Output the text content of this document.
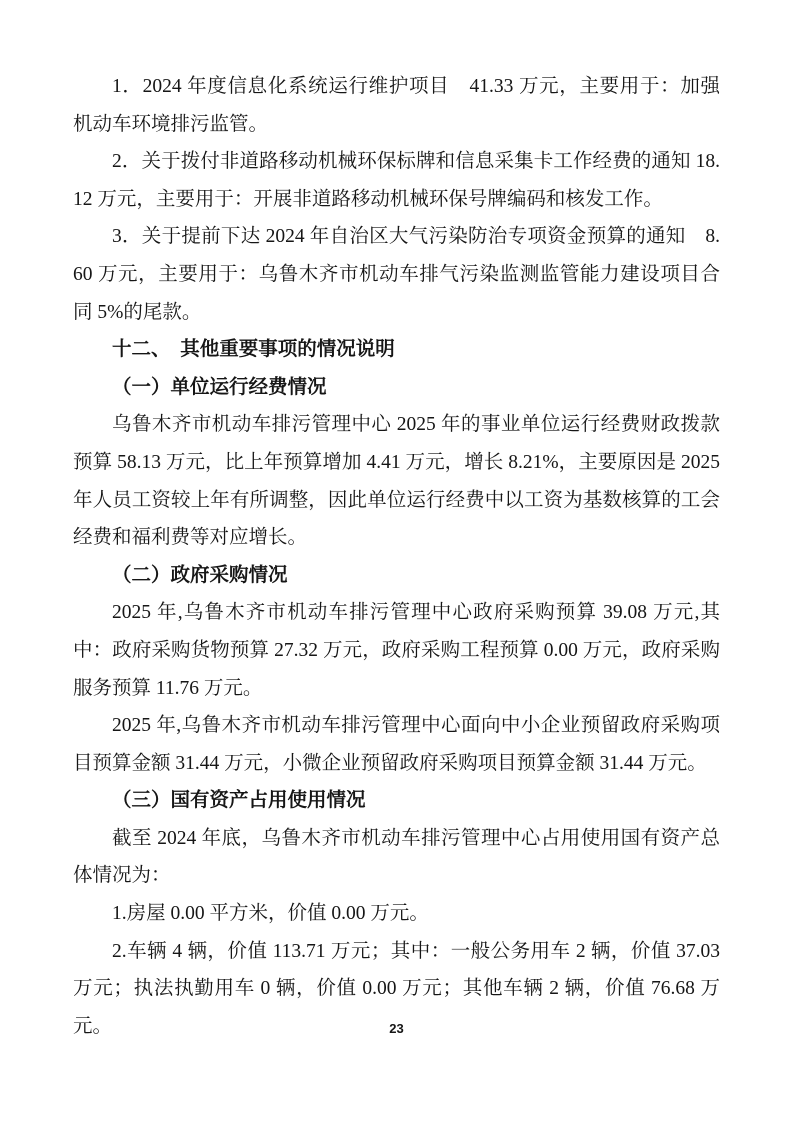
1．2024 年度信息化系统运行维护项目　41.33 万元，主要用于：加强机动车环境排污监管。

2．关于拨付非道路移动机械环保标牌和信息采集卡工作经费的通知 18.12 万元，主要用于：开展非道路移动机械环保号牌编码和核发工作。

3．关于提前下达 2024 年自治区大气污染防治专项资金预算的通知　8.60 万元，主要用于：乌鲁木齐市机动车排气污染监测监管能力建设项目合同 5%的尾款。

十二、　其他重要事项的情况说明

（一）单位运行经费情况

乌鲁木齐市机动车排污管理中心 2025 年的事业单位运行经费财政拨款预算 58.13 万元，比上年预算增加 4.41 万元，增长 8.21%，主要原因是 2025 年人员工资较上年有所调整，因此单位运行经费中以工资为基数核算的工会经费和福利费等对应增长。

（二）政府采购情况

2025 年,乌鲁木齐市机动车排污管理中心政府采购预算 39.08 万元,其中：政府采购货物预算 27.32 万元，政府采购工程预算 0.00 万元，政府采购服务预算 11.76 万元。

2025 年,乌鲁木齐市机动车排污管理中心面向中小企业预留政府采购项目预算金额 31.44 万元，小微企业预留政府采购项目预算金额 31.44 万元。

（三）国有资产占用使用情况

截至 2024 年底，乌鲁木齐市机动车排污管理中心占用使用国有资产总体情况为：

1.房屋 0.00 平方米，价值 0.00 万元。

2.车辆 4 辆，价值 113.71 万元；其中：一般公务用车 2 辆，价值 37.03 万元；执法执勤用车 0 辆，价值 0.00 万元；其他车辆 2 辆，价值 76.68 万元。	23
